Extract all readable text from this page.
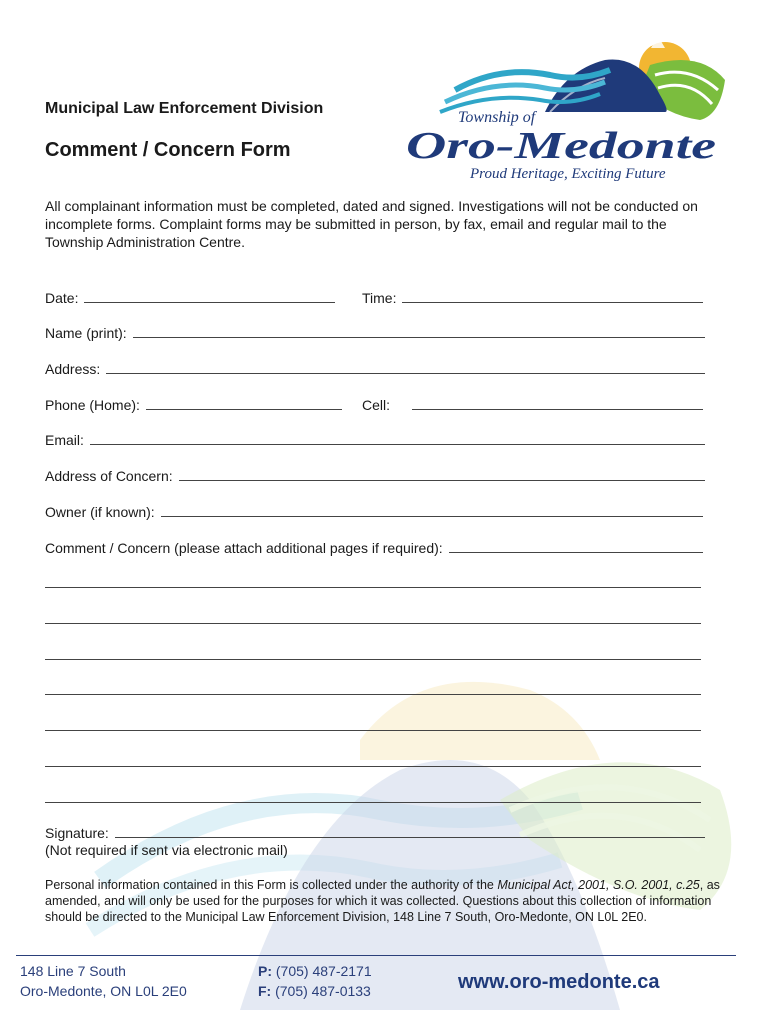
Township of
Oro-Medonte
Proud Heritage, Exciting Future
Municipal Law Enforcement Division
Comment / Concern Form
All complainant information must be completed, dated and signed. Investigations will not be conducted on incomplete forms. Complaint forms may be submitted in person, by fax, email and regular mail to the Township Administration Centre.
Date:	Time:
Name (print):
Address:
Phone (Home):	Cell:
Email:
Address of Concern:
Owner (if known):
Comment / Concern (please attach additional pages if required):
Signature:
(Not required if sent via electronic mail)
Personal information contained in this Form is collected under the authority of the Municipal Act, 2001, S.O. 2001, c.25, as amended, and will only be used for the purposes for which it was collected. Questions about this collection of information should be directed to the Municipal Law Enforcement Division, 148 Line 7 South, Oro-Medonte, ON L0L 2E0.
148 Line 7 South
Oro-Medonte, ON L0L 2E0
P: (705) 487-2171
F: (705) 487-0133	www.oro-medonte.ca
